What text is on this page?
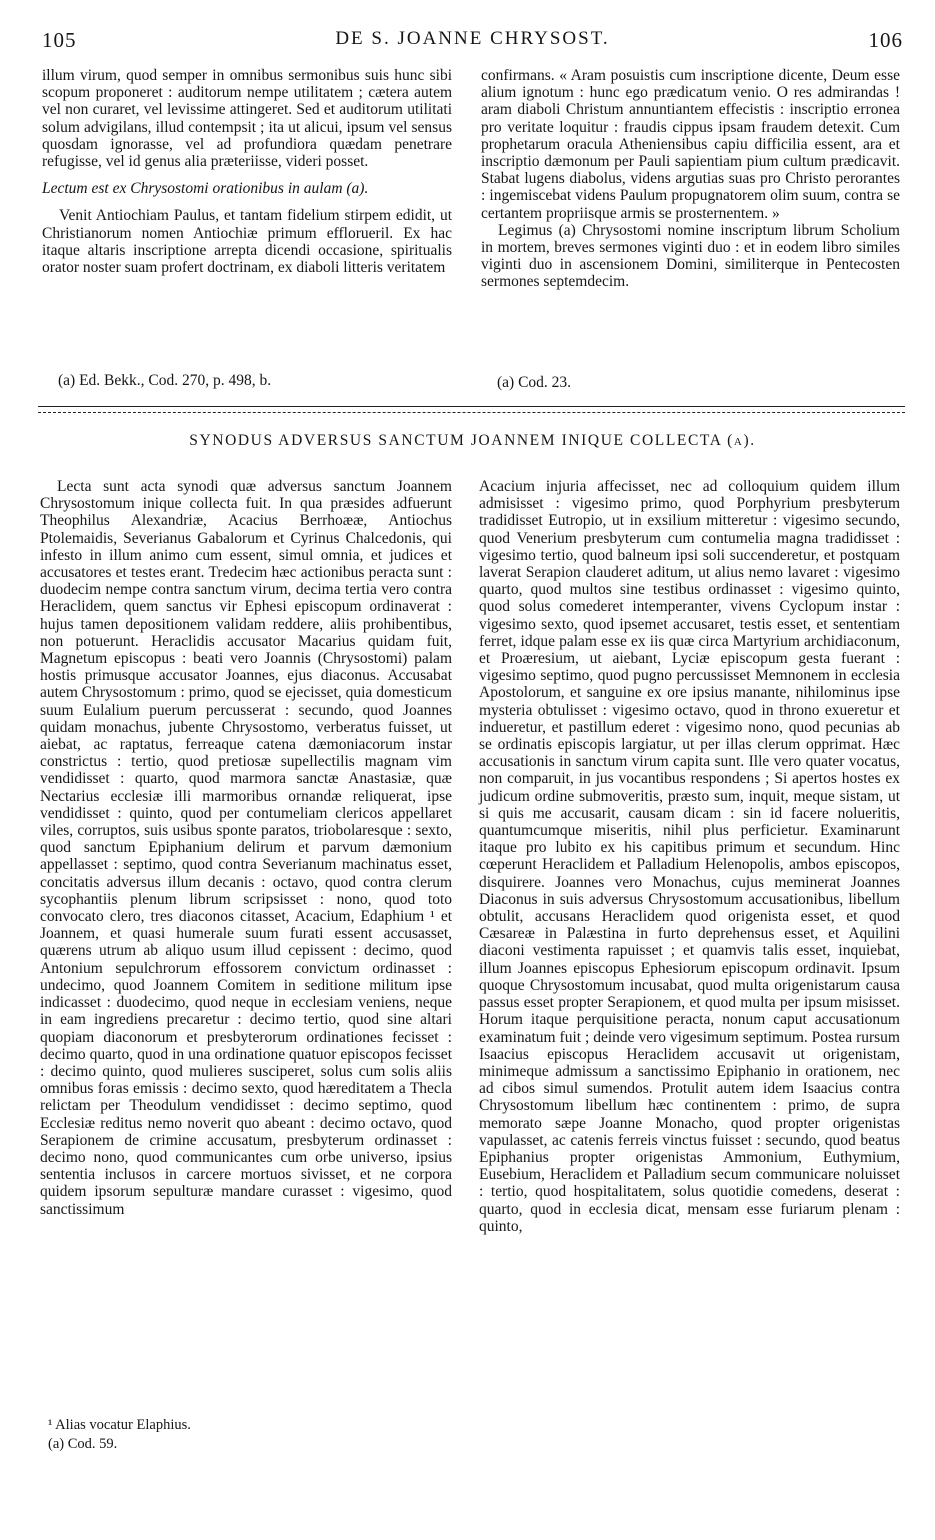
105	DE S. JOANNE CHRYSOST.	106

illum virum, quod semper in omnibus sermonibus suis hunc sibi scopum proponeret : auditorum nempe utilitatem ; cætera autem vel non curaret, vel levissime attingeret. Sed et auditorum utilitati solum advigilans, illud contempsit ; ita ut alicui, ipsum vel sensus quosdam ignorasse, vel ad profundiora quædam penetrare refugisse, vel id genus alia præteriisse, videri posset.

Lectum est ex Chrysostomi orationibus in aulam (a).

Venit Antiochiam Paulus, et tantam fidelium stirpem edidit, ut Christianorum nomen Antiochiæ primum efflorueril. Ex hac itaque altaris inscriptione arrepta dicendi occasione, spiritualis orator noster suam profert doctrinam, ex diaboli litteris veritatem

confirmans. « Aram posuistis cum inscriptione dicente, Deum esse alium ignotum : hunc ego prædicatum venio. O res admirandas ! aram diaboli Christum annuntiantem effecistis : inscriptio erronea pro veritate loquitur : fraudis cippus ipsam fraudem detexit. Cum prophetarum oracula Atheniensibus capiu difficilia essent, ara et inscriptio dæmonum per Pauli sapientiam pium cultum prædicavit. Stabat lugens diabolus, videns argutias suas pro Christo perorantes : ingemiscebat videns Paulum propugnatorem olim suum, contra se certantem propriisque armis se prosternentem. »

Legimus (a) Chrysostomi nomine inscriptum librum Scholium in mortem, breves sermones viginti duo : et in eodem libro similes viginti duo in ascensionem Domini, similiterque in Pentecosten sermones septemdecim.

(a) Ed. Bekk., Cod. 270, p. 498, b.	(a) Cod. 23.
SYNODUS ADVERSUS SANCTUM JOANNEM INIQUE COLLECTA (a).

Lecta sunt acta synodi quæ adversus sanctum Joannem Chrysostomum inique collecta fuit. In qua præsides adfuerunt Theophilus Alexandriæ, Acacius Berrhoææ, Antiochus Ptolemaidis, Severianus Gabalorum et Cyrinus Chalcedonis, qui infesto in illum animo cum essent, simul omnia, et judices et accusatores et testes erant. Tredecim hæc actionibus peracta sunt : duodecim nempe contra sanctum virum, decima tertia vero contra Heraclidem, quem sanctus vir Ephesi episcopum ordinaverat : hujus tamen depositionem validam reddere, aliis prohibentibus, non potuerunt. Heraclidis accusator Macarius quidam fuit, Magnetum episcopus : beati vero Joannis (Chrysostomi) palam hostis primusque accusator Joannes, ejus diaconus. Accusabat autem Chrysostomum : primo, quod se ejecisset, quia domesticum suum Eulalium puerum percusserat : secundo, quod Joannes quidam monachus, jubente Chrysostomo, verberatus fuisset, ut aiebat, ac raptatus, ferreaque catena dæmoniacorum instar constrictus : tertio, quod pretiosæ supellectilis magnam vim vendidisset : quarto, quod marmora sanctæ Anastasiæ, quæ Nectarius ecclesiæ illi marmoribus ornandæ reliquerat, ipse vendidisset : quinto, quod per contumeliam clericos appellaret viles, corruptos, suis usibus sponte paratos, triobolaresque : sexto, quod sanctum Epiphanium delirum et parvum dæmonium appellasset : septimo, quod contra Severianum machinatus esset, concitatis adversus illum decanis : octavo, quod contra clerum sycophantiis plenum librum scripsisset : nono, quod toto convocato clero, tres diaconos citasset, Acacium, Edaphium ¹ et Joannem, et quasi humerale suum furati essent accusasset, quærens utrum ab aliquo usum illud cepissent : decimo, quod Antonium sepulchrorum effossorem convictum ordinasset : undecimo, quod Joannem Comitem in seditione militum ipse indicasset : duodecimo, quod neque in ecclesiam veniens, neque in eam ingrediens precaretur : decimo tertio, quod sine altari quopiam diaconorum et presbyterorum ordinationes fecisset : decimo quarto, quod in una ordinatione quatuor episcopos fecisset : decimo quinto, quod mulieres susciperet, solus cum solis aliis omnibus foras emissis : decimo sexto, quod hæreditatem a Thecla relictam per Theodulum vendidisset : decimo septimo, quod Ecclesiæ reditus nemo noverit quo abeant : decimo octavo, quod Serapionem de crimine accusatum, presbyterum ordinasset : decimo nono, quod communicantes cum orbe universo, ipsius sententia inclusos in carcere mortuos sivisset, et ne corpora quidem ipsorum sepulturæ mandare curasset : vigesimo, quod sanctissimum

Acacium injuria affecisset, nec ad colloquium quidem illum admisisset : vigesimo primo, quod Porphyrium presbyterum tradidisset Eutropio, ut in exsilium mitteretur : vigesimo secundo, quod Venerium presbyterum cum contumelia magna tradidisset : vigesimo tertio, quod balneum ipsi soli succenderetur, et postquam laverat Serapion clauderet aditum, ut alius nemo lavaret : vigesimo quarto, quod multos sine testibus ordinasset : vigesimo quinto, quod solus comederet intemperanter, vivens Cyclopum instar : vigesimo sexto, quod ipsemet accusaret, testis esset, et sententiam ferret, idque palam esse ex iis quæ circa Martyrium archidiaconum, et Proæresium, ut aiebant, Lyciæ episcopum gesta fuerant : vigesimo septimo, quod pugno percussisset Memnonem in ecclesia Apostolorum, et sanguine ex ore ipsius manante, nihilominus ipse mysteria obtulisset : vigesimo octavo, quod in throno exueretur et indueretur, et pastillum ederet : vigesimo nono, quod pecunias ab se ordinatis episcopis largiatur, ut per illas clerum opprimat. Hæc accusationis in sanctum virum capita sunt. Ille vero quater vocatus, non comparuit, in jus vocantibus respondens ; Si apertos hostes ex judicum ordine submoveritis, præsto sum, inquit, meque sistam, ut si quis me accusarit, causam dicam : sin id facere nolueritis, quantumcumque miseritis, nihil plus perficietur. Examinarunt itaque pro lubito ex his capitibus primum et secundum. Hinc cœperunt Heraclidem et Palladium Helenopolis, ambos episcopos, disquirere. Joannes vero Monachus, cujus meminerat Joannes Diaconus in suis adversus Chrysostomum accusationibus, libellum obtulit, accusans Heraclidem quod origenista esset, et quod Cæsareæ in Palæstina in furto deprehensus esset, et Aquilini diaconi vestimenta rapuisset ; et quamvis talis esset, inquiebat, illum Joannes episcopus Ephesiorum episcopum ordinavit. Ipsum quoque Chrysostomum incusabat, quod multa origenistarum causa passus esset propter Serapionem, et quod multa per ipsum misisset. Horum itaque perquisitione peracta, nonum caput accusationum examinatum fuit ; deinde vero vigesimum septimum. Postea rursum Isaacius episcopus Heraclidem accusavit ut origenistam, minimeque admissum a sanctissimo Epiphanio in orationem, nec ad cibos simul sumendos. Protulit autem idem Isaacius contra Chrysostomum libellum hæc continentem : primo, de supra memorato sæpe Joanne Monacho, quod propter origenistas vapulasset, ac catenis ferreis vinctus fuisset : secundo, quod beatus Epiphanius propter origenistas Ammonium, Euthymium, Eusebium, Heraclidem et Palladium secum communicare noluisset : tertio, quod hospitalitatem, solus quotidie comedens, deserat : quarto, quod in ecclesia dicat, mensam esse furiarum plenam : quinto,

¹ Alias vocatur Elaphius.
(a) Cod. 59.
